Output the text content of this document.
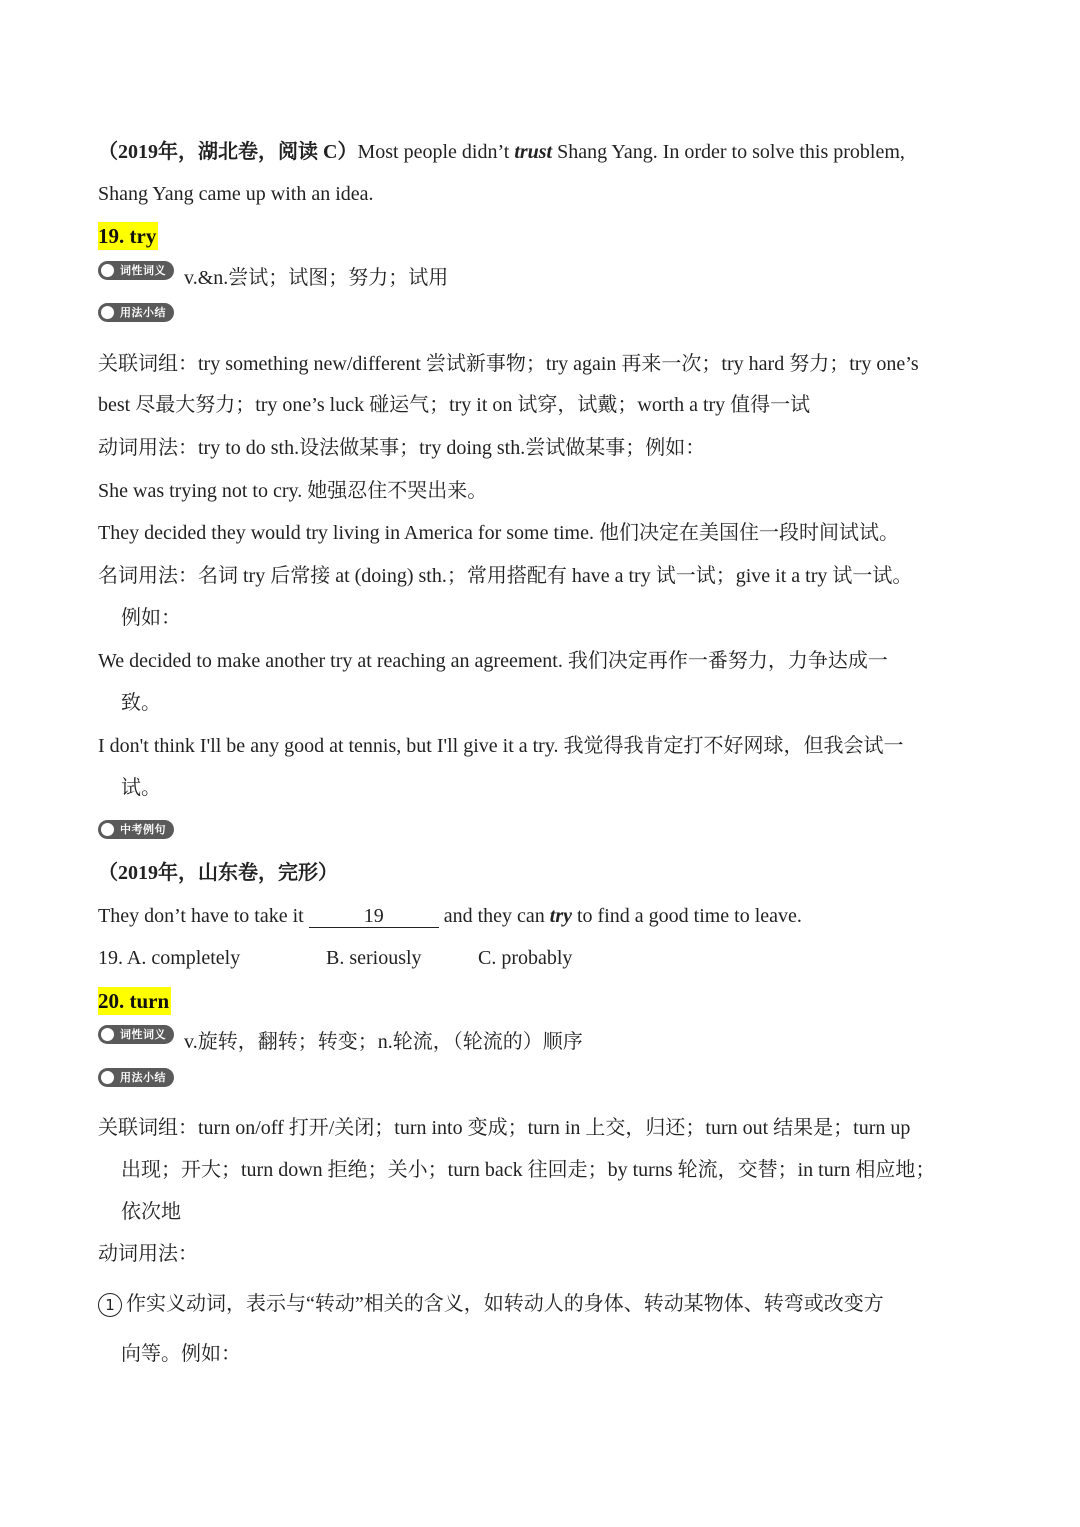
（2019年，湖北卷，阅读 C）Most people didn’t trust Shang Yang. In order to solve this problem,
Shang Yang came up with an idea.
19. try
词性词义 v.&n.尝试；试图；努力；试用
用法小结
关联词组：try something new/different 尝试新事物；try again 再来一次；try hard 努力；try one’s
best 尽最大努力；try one’s luck 碰运气；try it on 试穿，试戴；worth a try 值得一试
动词用法：try to do sth.设法做某事；try doing sth.尝试做某事；例如：
She was trying not to cry. 她强忍住不哭出来。
They decided they would try living in America for some time. 他们决定在美国住一段时间试试。
名词用法：名词 try 后常接 at (doing) sth.；常用搭配有 have a try 试一试；give it a try 试一试。
例如：
We decided to make another try at reaching an agreement. 我们决定再作一番努力，力争达成一
致。
I don't think I'll be any good at tennis, but I'll give it a try. 我觉得我肯定打不好网球，但我会试一
试。
中考例句
（2019年，山东卷，完形）
They don’t have to take it	19	and they can try to find a good time to leave.
19. A. completely	B. seriously	C. probably
20. turn
词性词义 v.旋转，翻转；转变；n.轮流，（轮流的）顺序
用法小结
关联词组：turn on/off 打开/关闭；turn into 变成；turn in 上交，归还；turn out 结果是；turn up
出现；开大；turn down 拒绝；关小；turn back 往回走；by turns 轮流，交替；in turn 相应地；
依次地
动词用法：
1 作实义动词，表示与“转动”相关的含义，如转动人的身体、转动某物体、转弯或改变方
向等。例如：
